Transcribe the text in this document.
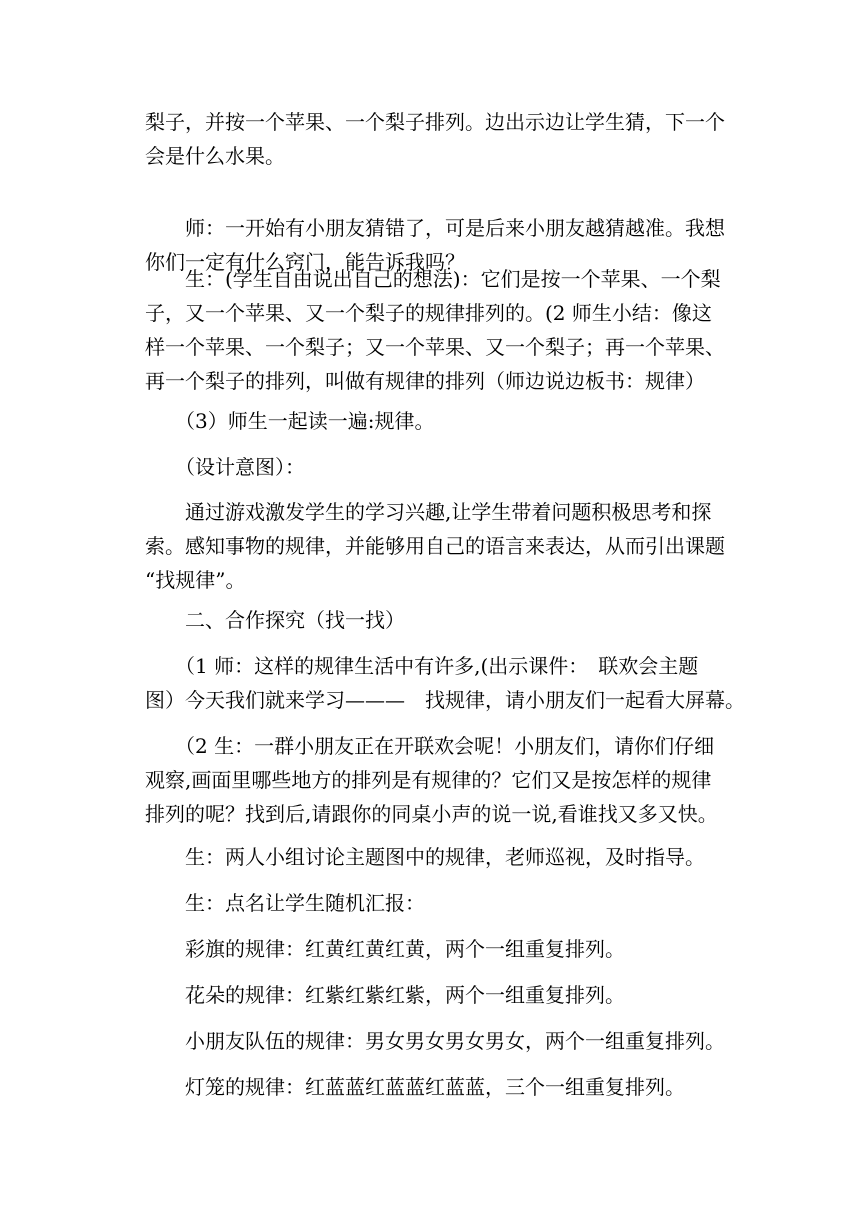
梨子，并按一个苹果、一个梨子排列。边出示边让学生猜，下一个
会是什么水果。

　　师：一开始有小朋友猜错了，可是后来小朋友越猜越准。我想
你们一定有什么窍门，能告诉我吗？

　　生：(学生自由说出自己的想法)：它们是按一个苹果、一个梨
子，又一个苹果、又一个梨子的规律排列的。(2 师生小结：像这
样一个苹果、一个梨子；又一个苹果、又一个梨子；再一个苹果、
再一个梨子的排列，叫做有规律的排列（师边说边板书：规律）

　　（3）师生一起读一遍:规律。

　　（设计意图）：

　　通过游戏激发学生的学习兴趣,让学生带着问题积极思考和探
索。感知事物的规律，并能够用自己的语言来表达，从而引出课题
“找规律”。

　　二、合作探究（找一找）

　　（1 师：这样的规律生活中有许多,(出示课件：　联欢会主题
图）今天我们就来学习———　找规律，请小朋友们一起看大屏幕。

　　（2 生：一群小朋友正在开联欢会呢！小朋友们，请你们仔细
观察,画面里哪些地方的排列是有规律的？它们又是按怎样的规律
排列的呢？找到后,请跟你的同桌小声的说一说,看谁找又多又快。

　　生：两人小组讨论主题图中的规律，老师巡视，及时指导。

　　生：点名让学生随机汇报：

　　彩旗的规律：红黄红黄红黄，两个一组重复排列。

　　花朵的规律：红紫红紫红紫，两个一组重复排列。

　　小朋友队伍的规律：男女男女男女男女，两个一组重复排列。

　　灯笼的规律：红蓝蓝红蓝蓝红蓝蓝，三个一组重复排列。
